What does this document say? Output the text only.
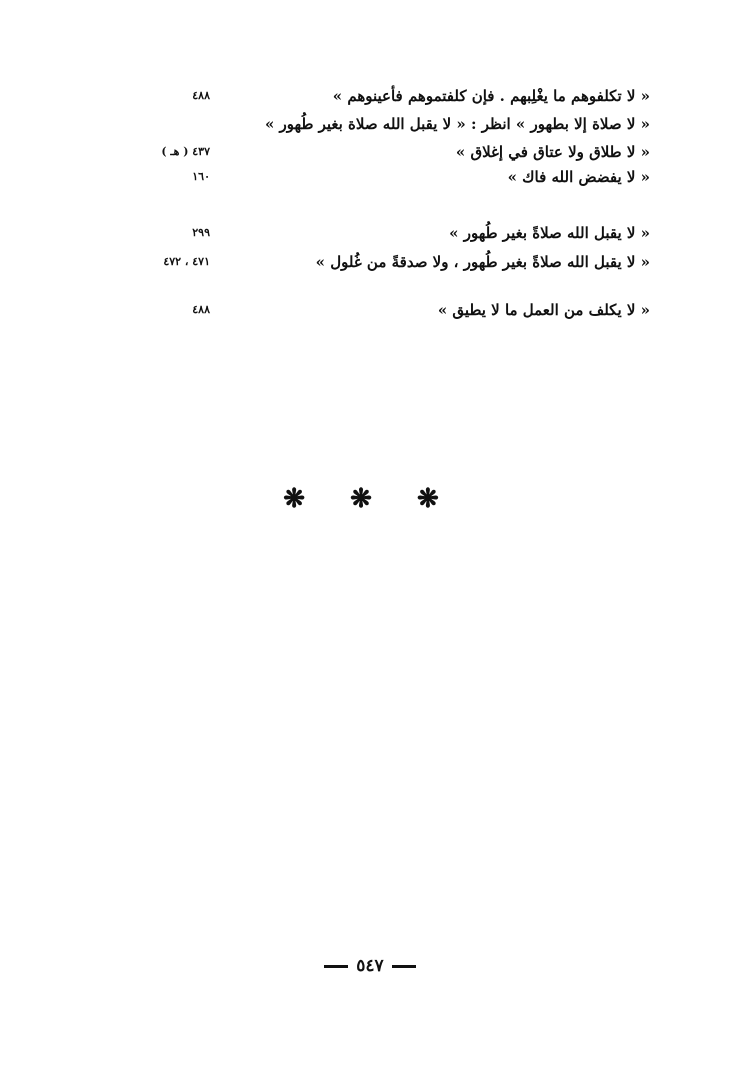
« لا تكلفوهم ما يغْلِبهم . فإن كلفتموهم فأعينوهم »
٤٨٨
« لا صلاة إلا بطهور » انظر : « لا يقبل الله صلاة بغير طُهور »
« لا طلاق ولا عتاق في إغلاق »
٤٣٧ ( هـ )
« لا يفضض الله فاك »
١٦٠
« لا يقبل الله صلاةً بغير طُهور »
٢٩٩
« لا يقبل الله صلاةً بغير طُهور ، ولا صدقةً من غُلول »
٤٧١ ، ٤٧٢
« لا يكلف من العمل ما لا يطيق »
٤٨٨
❋ ❋ ❋
٥٤٧
